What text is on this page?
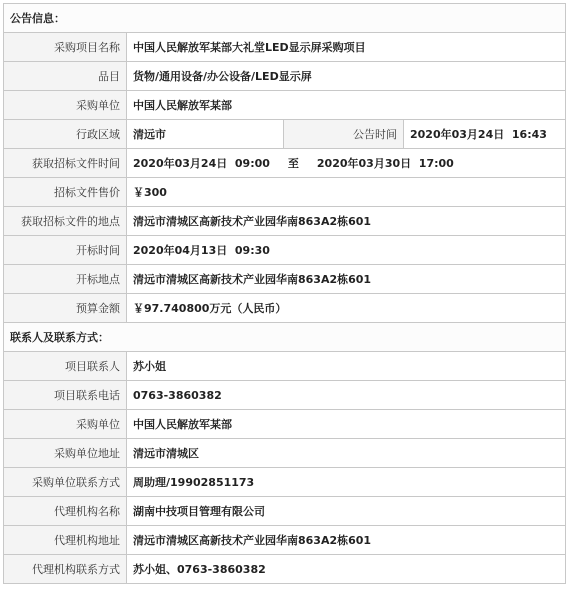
公告信息：			
采购项目名称	中国人民解放军某部大礼堂LED显示屏采购项目		
品目	货物/通用设备/办公设备/LED显示屏		
采购单位	中国人民解放军某部		
行政区域	清远市	公告时间	2020年03月24日  16:43
获取招标文件时间	2020年03月24日  09:00 至 2020年03月30日  17:00		
招标文件售价	￥300		
获取招标文件的地点	清远市清城区高新技术产业园华南863A2栋601		
开标时间	2020年04月13日  09:30		
开标地点	清远市清城区高新技术产业园华南863A2栋601		
预算金额	￥97.740800万元（人民币）		
联系人及联系方式：			
项目联系人	苏小姐		
项目联系电话	0763-3860382		
采购单位	中国人民解放军某部		
采购单位地址	清远市清城区		
采购单位联系方式	周助理/19902851173		
代理机构名称	湖南中技项目管理有限公司		
代理机构地址	清远市清城区高新技术产业园华南863A2栋601		
代理机构联系方式	苏小姐、0763-3860382		
